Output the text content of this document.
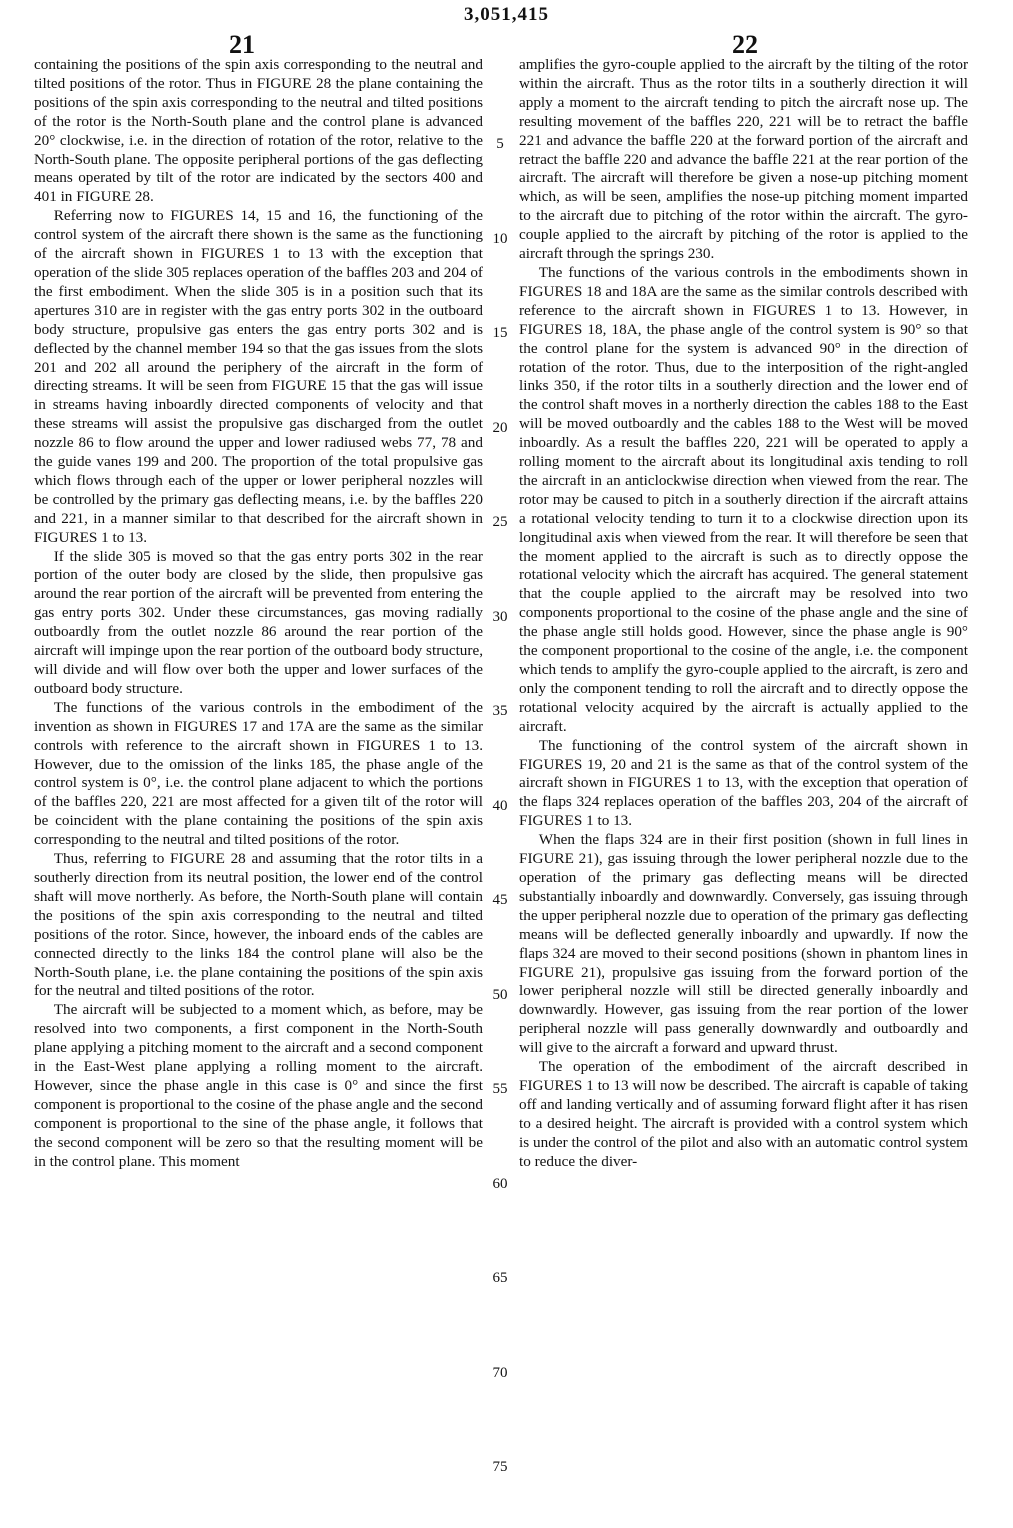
3,051,415
21	22

containing the positions of the spin axis corresponding to the neutral and tilted positions of the rotor. Thus in FIGURE 28 the plane containing the positions of the spin axis corresponding to the neutral and tilted positions of the rotor is the North-South plane and the control plane is advanced 20° clockwise, i.e. in the direction of rotation of the rotor, relative to the North-South plane. The opposite peripheral portions of the gas deflecting means operated by tilt of the rotor are indicated by the sectors 400 and 401 in FIGURE 28.

Referring now to FIGURES 14, 15 and 16, the functioning of the control system of the aircraft there shown is the same as the functioning of the aircraft shown in FIGURES 1 to 13 with the exception that operation of the slide 305 replaces operation of the baffles 203 and 204 of the first embodiment. When the slide 305 is in a position such that its apertures 310 are in register with the gas entry ports 302 in the outboard body structure, propulsive gas enters the gas entry ports 302 and is deflected by the channel member 194 so that the gas issues from the slots 201 and 202 all around the periphery of the aircraft in the form of directing streams. It will be seen from FIGURE 15 that the gas will issue in streams having inboardly directed components of velocity and that these streams will assist the propulsive gas discharged from the outlet nozzle 86 to flow around the upper and lower radiused webs 77, 78 and the guide vanes 199 and 200. The proportion of the total propulsive gas which flows through each of the upper or lower peripheral nozzles will be controlled by the primary gas deflecting means, i.e. by the baffles 220 and 221, in a manner similar to that described for the aircraft shown in FIGURES 1 to 13.

If the slide 305 is moved so that the gas entry ports 302 in the rear portion of the outer body are closed by the slide, then propulsive gas around the rear portion of the aircraft will be prevented from entering the gas entry ports 302. Under these circumstances, gas moving radially outboardly from the outlet nozzle 86 around the rear portion of the aircraft will impinge upon the rear portion of the outboard body structure, will divide and will flow over both the upper and lower surfaces of the outboard body structure.

The functions of the various controls in the embodiment of the invention as shown in FIGURES 17 and 17A are the same as the similar controls with reference to the aircraft shown in FIGURES 1 to 13. However, due to the omission of the links 185, the phase angle of the control system is 0°, i.e. the control plane adjacent to which the portions of the baffles 220, 221 are most affected for a given tilt of the rotor will be coincident with the plane containing the positions of the spin axis corresponding to the neutral and tilted positions of the rotor.

Thus, referring to FIGURE 28 and assuming that the rotor tilts in a southerly direction from its neutral position, the lower end of the control shaft will move northerly. As before, the North-South plane will contain the positions of the spin axis corresponding to the neutral and tilted positions of the rotor. Since, however, the inboard ends of the cables are connected directly to the links 184 the control plane will also be the North-South plane, i.e. the plane containing the positions of the spin axis for the neutral and tilted positions of the rotor.

The aircraft will be subjected to a moment which, as before, may be resolved into two components, a first component in the North-South plane applying a pitching moment to the aircraft and a second component in the East-West plane applying a rolling moment to the aircraft. However, since the phase angle in this case is 0° and since the first component is proportional to the cosine of the phase angle and the second component is proportional to the sine of the phase angle, it follows that the second component will be zero so that the resulting moment will be in the control plane. This moment

amplifies the gyro-couple applied to the aircraft by the tilting of the rotor within the aircraft. Thus as the rotor tilts in a southerly direction it will apply a moment to the aircraft tending to pitch the aircraft nose up. The resulting movement of the baffles 220, 221 will be to retract the baffle 221 and advance the baffle 220 at the forward portion of the aircraft and retract the baffle 220 and advance the baffle 221 at the rear portion of the aircraft. The aircraft will therefore be given a nose-up pitching moment which, as will be seen, amplifies the nose-up pitching moment imparted to the aircraft due to pitching of the rotor within the aircraft. The gyro-couple applied to the aircraft by pitching of the rotor is applied to the aircraft through the springs 230.

The functions of the various controls in the embodiments shown in FIGURES 18 and 18A are the same as the similar controls described with reference to the aircraft shown in FIGURES 1 to 13. However, in FIGURES 18, 18A, the phase angle of the control system is 90° so that the control plane for the system is advanced 90° in the direction of rotation of the rotor. Thus, due to the interposition of the right-angled links 350, if the rotor tilts in a southerly direction and the lower end of the control shaft moves in a northerly direction the cables 188 to the East will be moved outboardly and the cables 188 to the West will be moved inboardly. As a result the baffles 220, 221 will be operated to apply a rolling moment to the aircraft about its longitudinal axis tending to roll the aircraft in an anticlockwise direction when viewed from the rear. The rotor may be caused to pitch in a southerly direction if the aircraft attains a rotational velocity tending to turn it to a clockwise direction upon its longitudinal axis when viewed from the rear. It will therefore be seen that the moment applied to the aircraft is such as to directly oppose the rotational velocity which the aircraft has acquired. The general statement that the couple applied to the aircraft may be resolved into two components proportional to the cosine of the phase angle and the sine of the phase angle still holds good. However, since the phase angle is 90° the component proportional to the cosine of the angle, i.e. the component which tends to amplify the gyro-couple applied to the aircraft, is zero and only the component tending to roll the aircraft and to directly oppose the rotational velocity acquired by the aircraft is actually applied to the aircraft.

The functioning of the control system of the aircraft shown in FIGURES 19, 20 and 21 is the same as that of the control system of the aircraft shown in FIGURES 1 to 13, with the exception that operation of the flaps 324 replaces operation of the baffles 203, 204 of the aircraft of FIGURES 1 to 13.

When the flaps 324 are in their first position (shown in full lines in FIGURE 21), gas issuing through the lower peripheral nozzle due to the operation of the primary gas deflecting means will be directed substantially inboardly and downwardly. Conversely, gas issuing through the upper peripheral nozzle due to operation of the primary gas deflecting means will be deflected generally inboardly and upwardly. If now the flaps 324 are moved to their second positions (shown in phantom lines in FIGURE 21), propulsive gas issuing from the forward portion of the lower peripheral nozzle will still be directed generally inboardly and downwardly. However, gas issuing from the rear portion of the lower peripheral nozzle will pass generally downwardly and outboardly and will give to the aircraft a forward and upward thrust.

The operation of the embodiment of the aircraft described in FIGURES 1 to 13 will now be described. The aircraft is capable of taking off and landing vertically and of assuming forward flight after it has risen to a desired height. The aircraft is provided with a control system which is under the control of the pilot and also with an automatic control system to reduce the diver-

5
10
15
20
25
30
35
40
45
50
55
60
65
70
75
